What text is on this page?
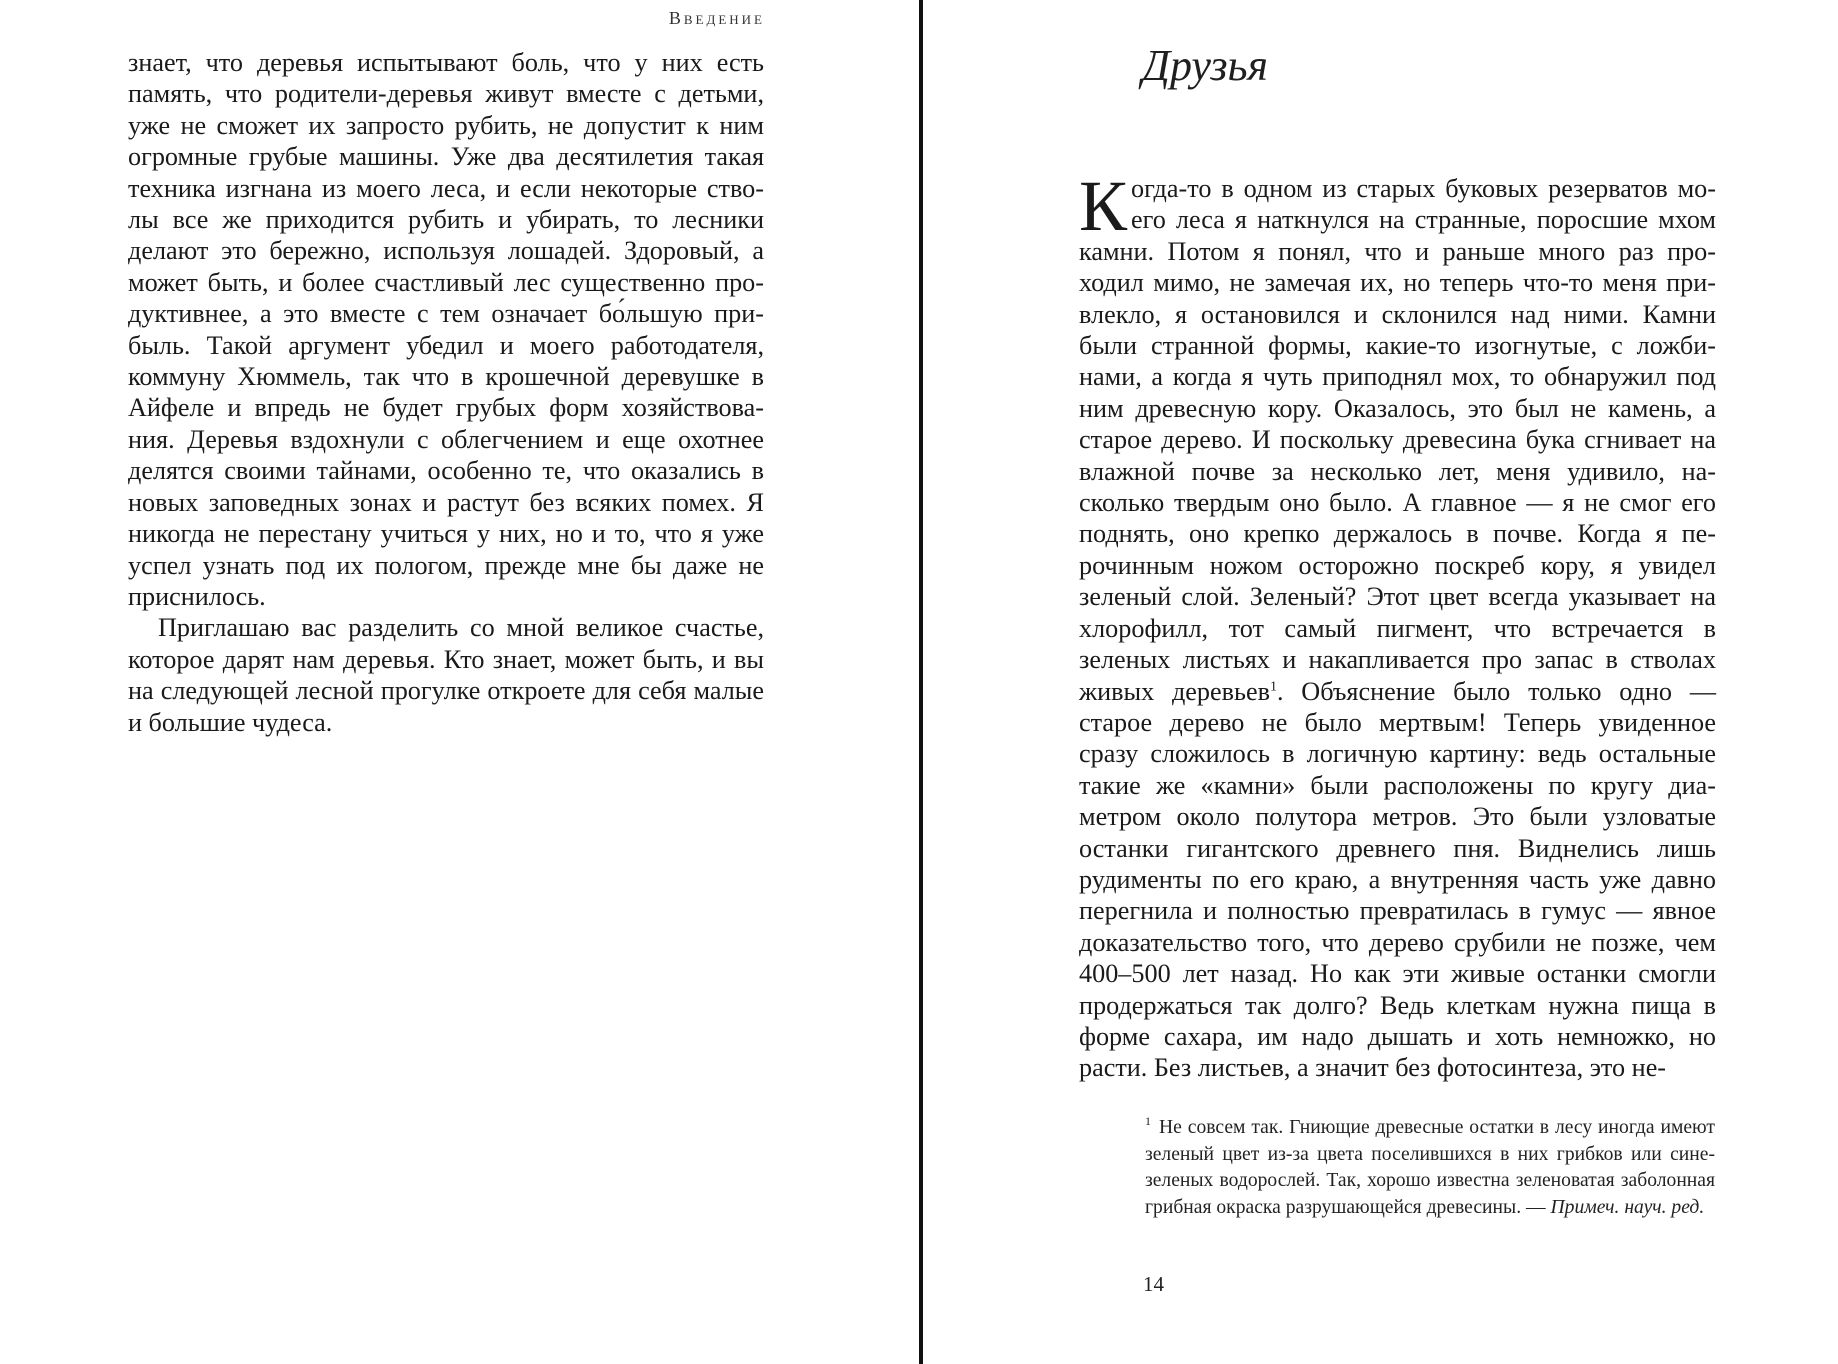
Введение

знает, что деревья испытывают боль, что у них есть память, что родители-деревья живут вместе с детьми, уже не сможет их запросто рубить, не допустит к ним огромные грубые машины. Уже два десятилетия такая техника изгнана из моего леса, и если некоторые ство- лы все же приходится рубить и убирать, то лесники делают это бережно, используя лошадей. Здоровый, а может быть, и более счастливый лес существенно про- дуктивнее, а это вместе с тем означает бо́льшую при- быль. Такой аргумент убедил и моего работодателя, коммуну Хюммель, так что в крошечной деревушке в Айфеле и впредь не будет грубых форм хозяйствова- ния. Деревья вздохнули с облегчением и еще охотнее делятся своими тайнами, особенно те, что оказались в новых заповедных зонах и растут без всяких помех. Я никогда не перестану учиться у них, но и то, что я уже успел узнать под их пологом, прежде мне бы даже не приснилось.

Приглашаю вас разделить со мной великое счастье, которое дарят нам деревья. Кто знает, может быть, и вы на следующей лесной прогулке откроете для себя малые и большие чудеса.

Друзья

К огда-то в одном из старых буковых резерватов мо- его леса я наткнулся на странные, поросшие мхом камни. Потом я понял, что и раньше много раз про- ходил мимо, не замечая их, но теперь что-то меня при- влекло, я остановился и склонился над ними. Камни были странной формы, какие-то изогнутые, с ложби- нами, а когда я чуть приподнял мох, то обнаружил под ним древесную кору. Оказалось, это был не камень, а старое дерево. И поскольку древесина бука сгнивает на влажной почве за несколько лет, меня удивило, на- сколько твердым оно было. А главное — я не смог его поднять, оно крепко держалось в почве. Когда я пе- рочинным ножом осторожно поскреб кору, я увидел зеленый слой. Зеленый? Этот цвет всегда указывает на хлорофилл, тот самый пигмент, что встречается в зеленых листьях и накапливается про запас в стволах живых деревьев$^1$. Объяснение было только одно — старое дерево не было мертвым! Теперь увиденное сразу сложилось в логичную картину: ведь остальные такие же «камни» были расположены по кругу диа- метром около полутора метров. Это были узловатые останки гигантского древнего пня. Виднелись лишь рудименты по его краю, а внутренняя часть уже давно перегнила и полностью превратилась в гумус — явное доказательство того, что дерево срубили не позже, чем 400–500 лет назад. Но как эти живые останки смогли продержаться так долго? Ведь клеткам нужна пища в форме сахара, им надо дышать и хоть немножко, но расти. Без листьев, а значит без фотосинтеза, это не-

$^1$ Не совсем так. Гниющие древесные остатки в лесу иногда имеют зеленый цвет из-за цвета поселившихся в них грибков или сине-зеленых водорослей. Так, хорошо известна зеленоватая заболонная грибная окраска разрушающейся древесины. — Примеч. науч. ред.
14
